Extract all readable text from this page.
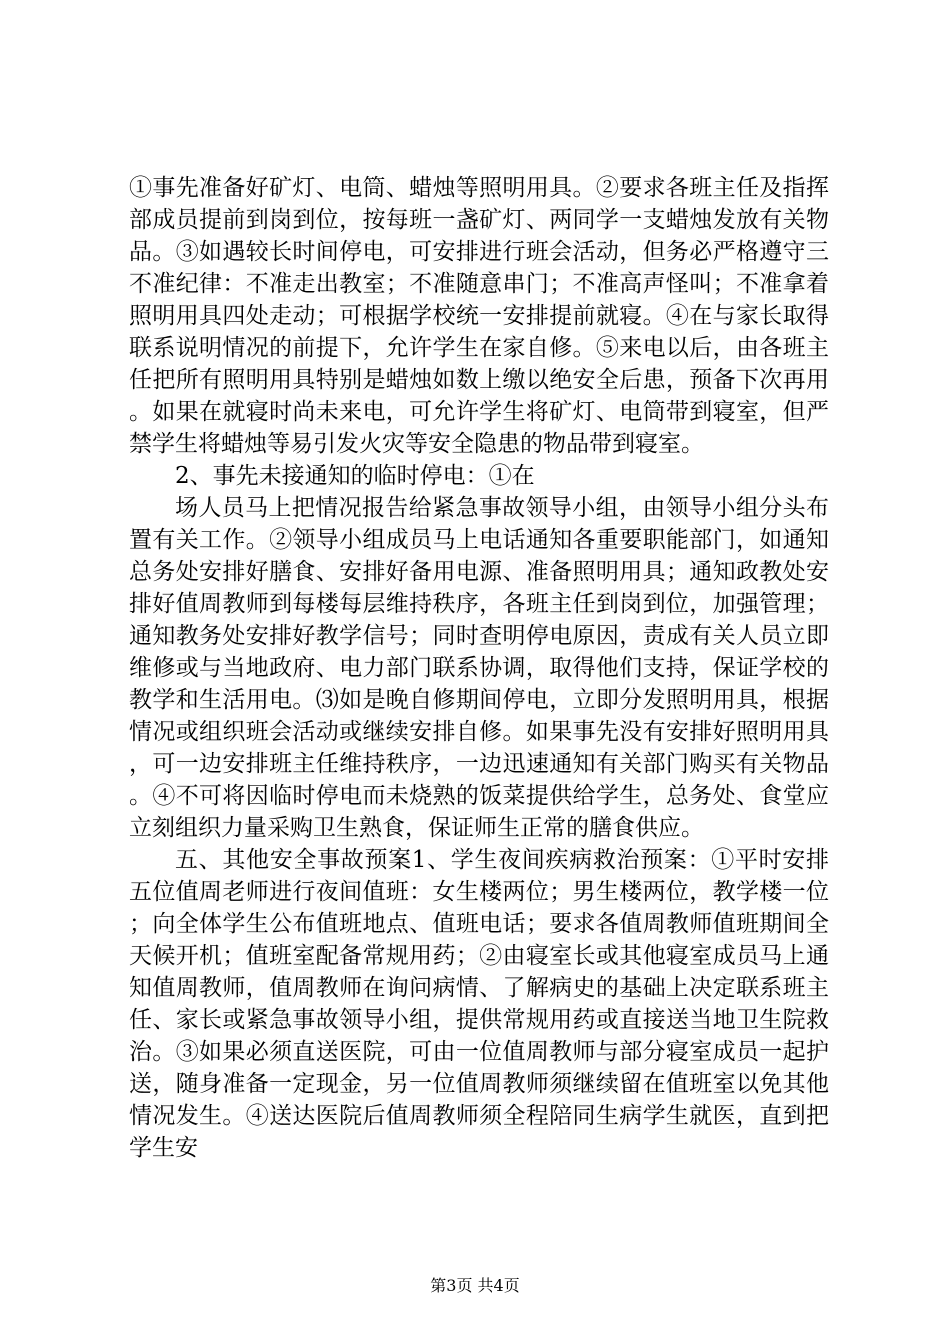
①事先准备好矿灯、电筒、蜡烛等照明用具。②要求各班主任及指挥部成员提前到岗到位，按每班一盏矿灯、两同学一支蜡烛发放有关物品。③如遇较长时间停电，可安排进行班会活动，但务必严格遵守三不准纪律：不准走出教室；不准随意串门；不准高声怪叫；不准拿着照明用具四处走动；可根据学校统一安排提前就寝。④在与家长取得联系说明情况的前提下，允许学生在家自修。⑤来电以后，由各班主任把所有照明用具特别是蜡烛如数上缴以绝安全后患，预备下次再用。如果在就寝时尚未来电，可允许学生将矿灯、电筒带到寝室，但严禁学生将蜡烛等易引发火灾等安全隐患的物品带到寝室。

2、事先未接通知的临时停电：①在

场人员马上把情况报告给紧急事故领导小组，由领导小组分头布置有关工作。②领导小组成员马上电话通知各重要职能部门，如通知总务处安排好膳食、安排好备用电源、准备照明用具；通知政教处安排好值周教师到每楼每层维持秩序，各班主任到岗到位，加强管理；通知教务处安排好教学信号；同时查明停电原因，责成有关人员立即维修或与当地政府、电力部门联系协调，取得他们支持，保证学校的教学和生活用电。⑶如是晚自修期间停电，立即分发照明用具，根据情况或组织班会活动或继续安排自修。如果事先没有安排好照明用具，可一边安排班主任维持秩序，一边迅速通知有关部门购买有关物品。④不可将因临时停电而未烧熟的饭菜提供给学生，总务处、食堂应立刻组织力量采购卫生熟食，保证师生正常的膳食供应。

五、其他安全事故预案1、学生夜间疾病救治预案：①平时安排五位值周老师进行夜间值班：女生楼两位；男生楼两位，教学楼一位；向全体学生公布值班地点、值班电话；要求各值周教师值班期间全天候开机；值班室配备常规用药；②由寝室长或其他寝室成员马上通知值周教师，值周教师在询问病情、了解病史的基础上决定联系班主任、家长或紧急事故领导小组，提供常规用药或直接送当地卫生院救治。③如果必须直送医院，可由一位值周教师与部分寝室成员一起护送，随身准备一定现金，另一位值周教师须继续留在值班室以免其他情况发生。④送达医院后值周教师须全程陪同生病学生就医，直到把学生安

第3页 共4页
